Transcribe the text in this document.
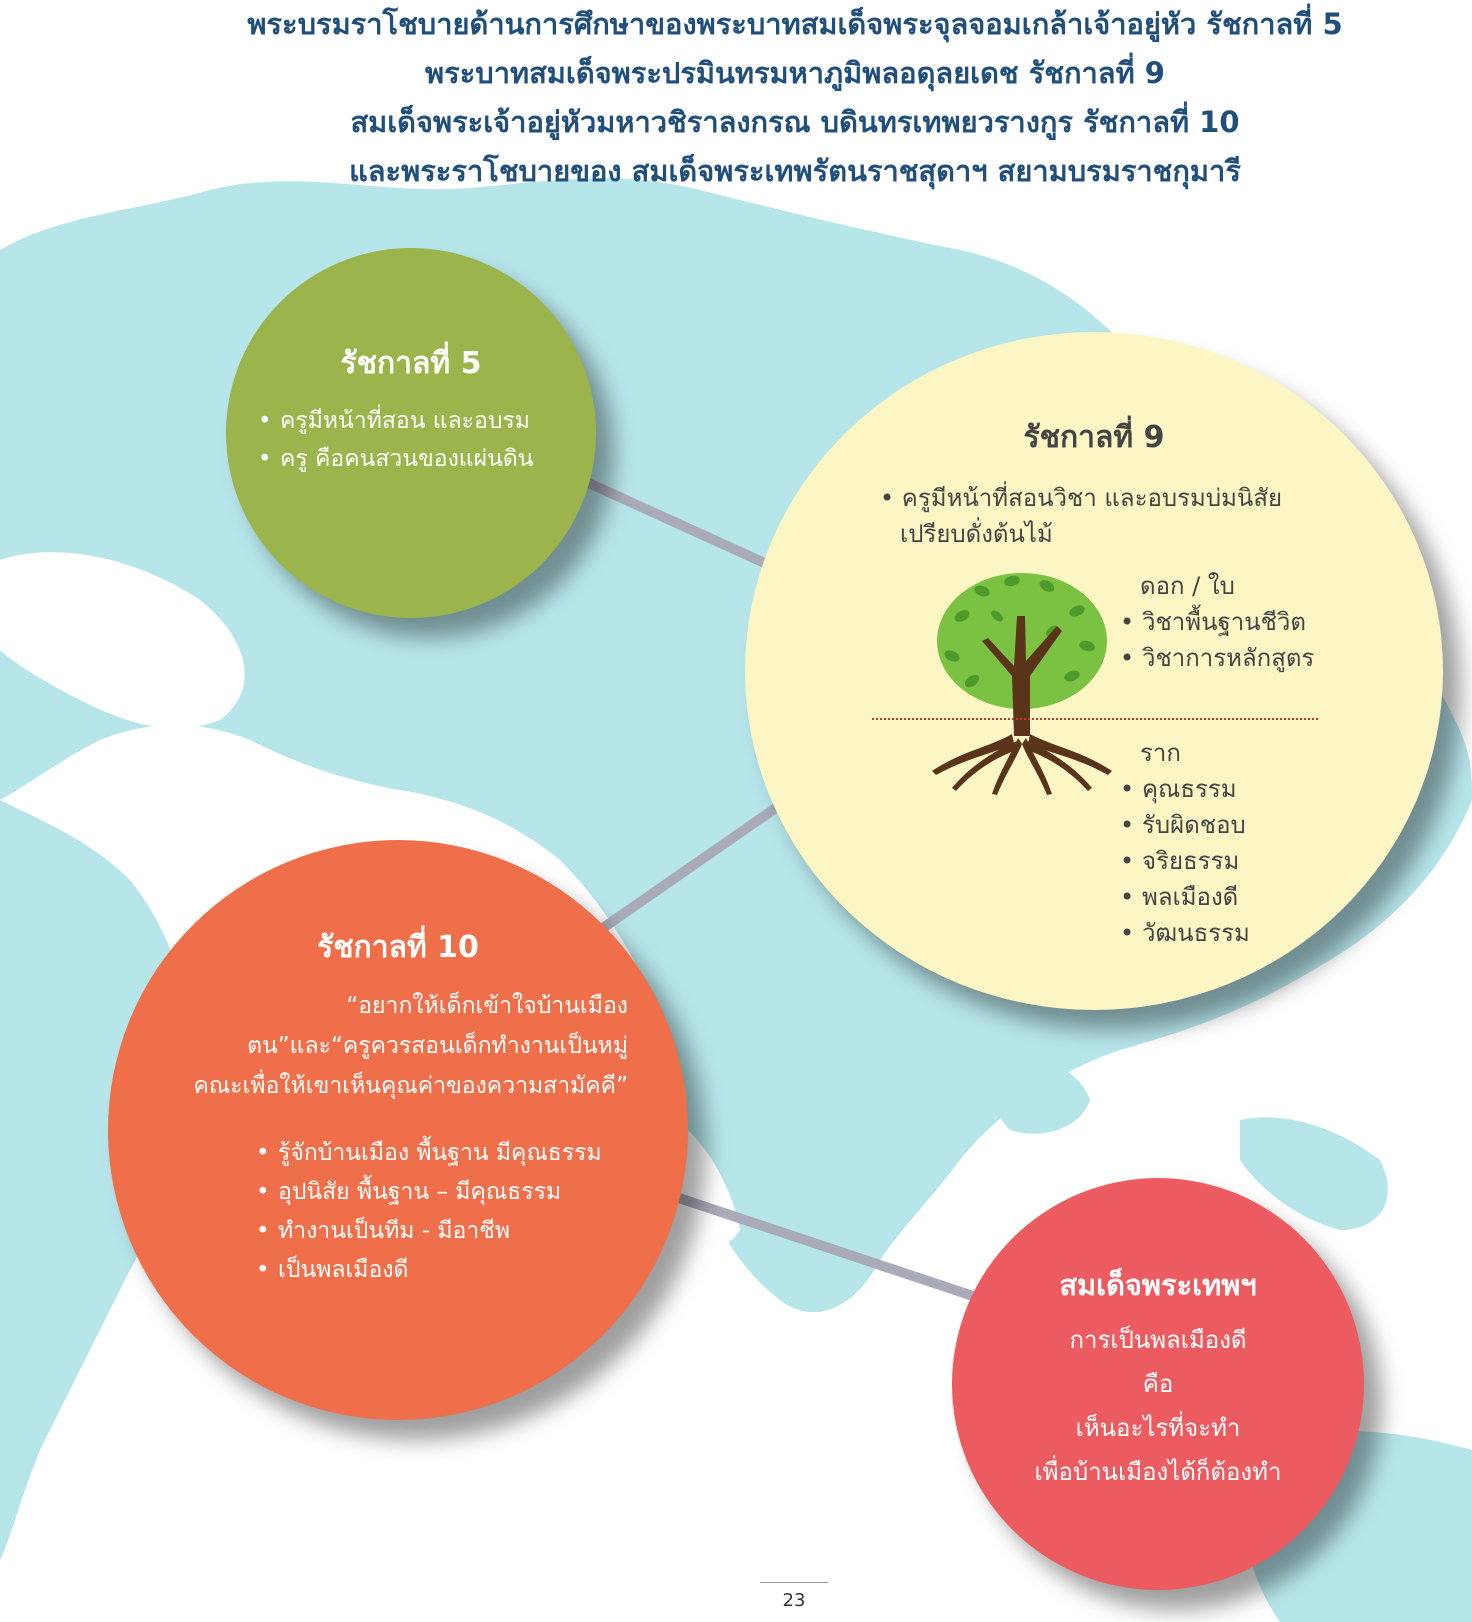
พระบรมราโชบายด้านการศึกษาของพระบาทสมเด็จพระจุลจอมเกล้าเจ้าอยู่หัว รัชกาลที่ 5
พระบาทสมเด็จพระปรมินทรมหาภูมิพลอดุลยเดช รัชกาลที่ 9
สมเด็จพระเจ้าอยู่หัวมหาวชิราลงกรณ บดินทรเทพยวรางกูร รัชกาลที่ 10
และพระราโชบายของ สมเด็จพระเทพรัตนราชสุดาฯ สยามบรมราชกุมารี
รัชกาลที่ 5
• ครูมีหน้าที่สอน และอบรม
• ครู คือคนสวนของแผ่นดิน
รัชกาลที่ 9
• ครูมีหน้าที่สอนวิชา และอบรมบ่มนิสัย
เปรียบดั่งต้นไม้
ดอก / ใบ
• วิชาพื้นฐานชีวิต
• วิชาการหลักสูตร
ราก
• คุณธรรม
• รับผิดชอบ
• จริยธรรม
• พลเมืองดี
• วัฒนธรรม
รัชกาลที่ 10
“อยากให้เด็กเข้าใจบ้านเมือง
ตน”และ“ครูควรสอนเด็กทำงานเป็นหมู่
คณะเพื่อให้เขาเห็นคุณค่าของความสามัคคี”
• รู้จักบ้านเมือง พื้นฐาน มีคุณธรรม
• อุปนิสัย พื้นฐาน – มีคุณธรรม
• ทำงานเป็นทีม - มีอาชีพ
• เป็นพลเมืองดี	สมเด็จพระเทพฯ
การเป็นพลเมืองดี
คือ
เห็นอะไรที่จะทำ
เพื่อบ้านเมืองได้ก็ต้องทำ
23
